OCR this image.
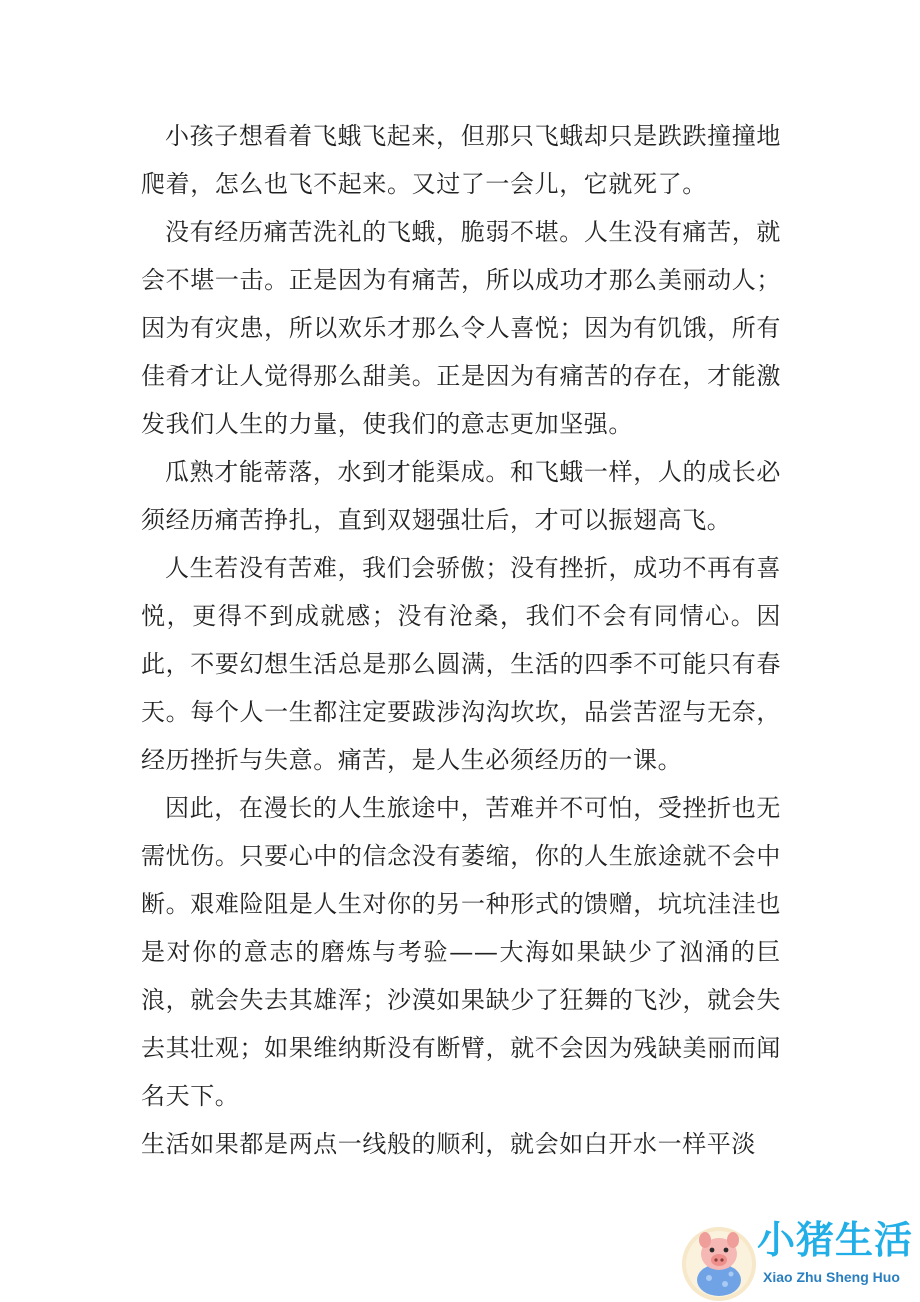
小孩子想看着飞蛾飞起来，但那只飞蛾却只是跌跌撞撞地爬着，怎么也飞不起来。又过了一会儿，它就死了。

没有经历痛苦洗礼的飞蛾，脆弱不堪。人生没有痛苦，就会不堪一击。正是因为有痛苦，所以成功才那么美丽动人；因为有灾患，所以欢乐才那么令人喜悦；因为有饥饿，所有佳肴才让人觉得那么甜美。正是因为有痛苦的存在，才能激发我们人生的力量，使我们的意志更加坚强。

瓜熟才能蒂落，水到才能渠成。和飞蛾一样，人的成长必须经历痛苦挣扎，直到双翅强壮后，才可以振翅高飞。

人生若没有苦难，我们会骄傲；没有挫折，成功不再有喜悦，更得不到成就感；没有沧桑，我们不会有同情心。因此，不要幻想生活总是那么圆满，生活的四季不可能只有春天。每个人一生都注定要跋涉沟沟坎坎，品尝苦涩与无奈，经历挫折与失意。痛苦，是人生必须经历的一课。

因此，在漫长的人生旅途中，苦难并不可怕，受挫折也无需忧伤。只要心中的信念没有萎缩，你的人生旅途就不会中断。艰难险阻是人生对你的另一种形式的馈赠，坑坑洼洼也是对你的意志的磨炼与考验——大海如果缺少了汹涌的巨浪，就会失去其雄浑；沙漠如果缺少了狂舞的飞沙，就会失去其壮观；如果维纳斯没有断臂，就不会因为残缺美丽而闻名天下。

生活如果都是两点一线般的顺利，就会如白开水一样平淡

小猪生活
Xiao Zhu Sheng Huo
